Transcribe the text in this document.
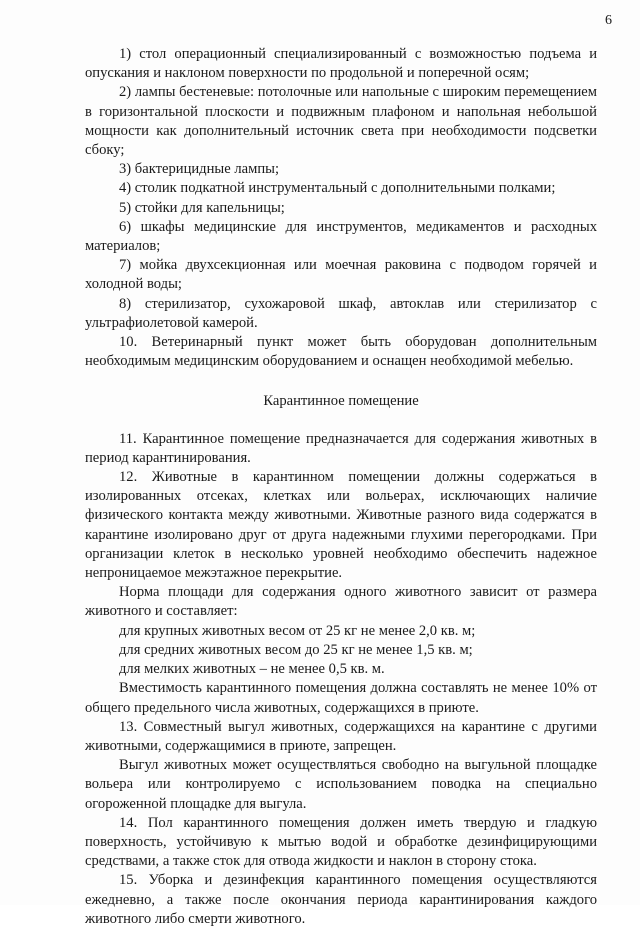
6

1) стол операционный специализированный с возможностью подъема и опускания и наклоном поверхности по продольной и поперечной осям;

2) лампы бестеневые: потолочные или напольные с широким перемещением в горизонтальной плоскости и подвижным плафоном и напольная небольшой мощности как дополнительный источник света при необходимости подсветки сбоку;

3) бактерицидные лампы;

4) столик подкатной инструментальный с дополнительными полками;

5) стойки для капельницы;

6) шкафы медицинские для инструментов, медикаментов и расходных материалов;

7) мойка двухсекционная или моечная раковина с подводом горячей и холодной воды;

8) стерилизатор, сухожаровой шкаф, автоклав или стерилизатор с ультрафиолетовой камерой.

10. Ветеринарный пункт может быть оборудован дополнительным необходимым медицинским оборудованием и оснащен необходимой мебелью.

Карантинное помещение

11. Карантинное помещение предназначается для содержания животных в период карантинирования.

12. Животные в карантинном помещении должны содержаться в изолированных отсеках, клетках или вольерах, исключающих наличие физического контакта между животными. Животные разного вида содержатся в карантине изолировано друг от друга надежными глухими перегородками. При организации клеток в несколько уровней необходимо обеспечить надежное непроницаемое межэтажное перекрытие.

Норма площади для содержания одного животного зависит от размера животного и составляет:

для крупных животных весом от 25 кг не менее 2,0 кв. м;

для средних животных весом до 25 кг не менее 1,5 кв. м;

для мелких животных – не менее 0,5 кв. м.

Вместимость карантинного помещения должна составлять не менее 10% от общего предельного числа животных, содержащихся в приюте.

13. Совместный выгул животных, содержащихся на карантине с другими животными, содержащимися в приюте, запрещен.

Выгул животных может осуществляться свободно на выгульной площадке вольера или контролируемо с использованием поводка на специально огороженной площадке для выгула.

14. Пол карантинного помещения должен иметь твердую и гладкую поверхность, устойчивую к мытью водой и обработке дезинфицирующими средствами, а также сток для отвода жидкости и наклон в сторону стока.

15. Уборка и дезинфекция карантинного помещения осуществляются ежедневно, а также после окончания периода карантинирования каждого животного либо смерти животного.
